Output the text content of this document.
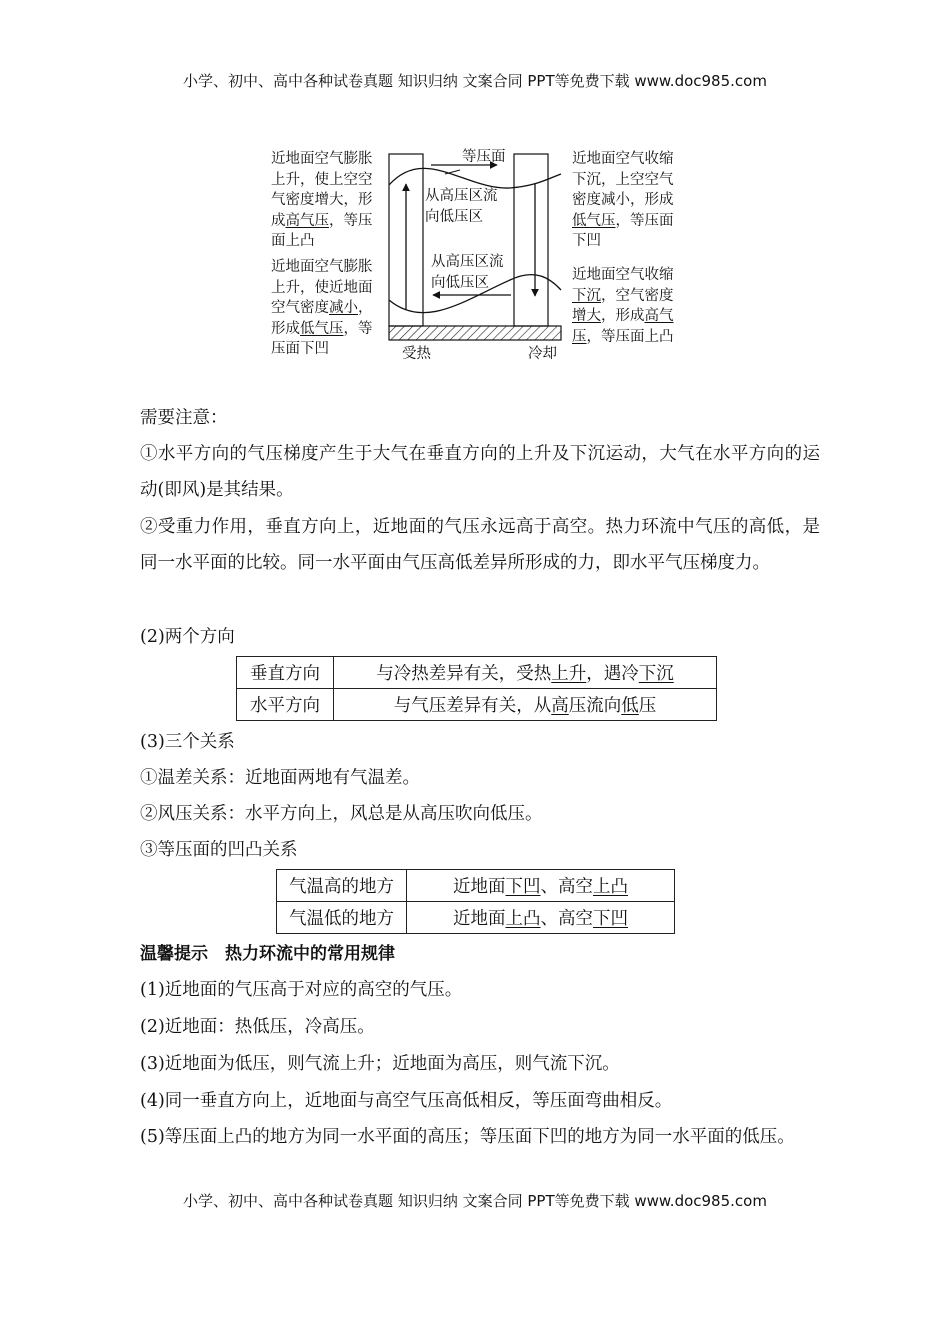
小学、初中、高中各种试卷真题 知识归纳 文案合同 PPT等免费下载 www.doc985.com
近地面空气膨胀
上升，使上空空
气密度增大，形
成高气压，等压
面上凸
近地面空气膨胀
上升，使近地面
空气密度减小，
形成低气压，等
压面下凹
近地面空气收缩
下沉，上空空气
密度减小，形成
低气压，等压面
下凹
近地面空气收缩
下沉，空气密度
增大，形成高气
压，等压面上凸
等压面
从高压区流
向低压区
从高压区流
向低压区
受热	冷却
需要注意：
①水平方向的气压梯度产生于大气在垂直方向的上升及下沉运动，大气在水平方向的运动(即风)是其结果。
②受重力作用，垂直方向上，近地面的气压永远高于高空。热力环流中气压的高低，是同一水平面的比较。同一水平面由气压高低差异所形成的力，即水平气压梯度力。
(2)两个方向
垂直方向	与冷热差异有关，受热上升，遇冷下沉
水平方向	与气压差异有关，从高压流向低压
(3)三个关系
①温差关系：近地面两地有气温差。
②风压关系：水平方向上，风总是从高压吹向低压。
③等压面的凹凸关系
气温高的地方	近地面下凹、高空上凸
气温低的地方	近地面上凸、高空下凹
温馨提示　热力环流中的常用规律
(1)近地面的气压高于对应的高空的气压。
(2)近地面：热低压，冷高压。
(3)近地面为低压，则气流上升；近地面为高压，则气流下沉。
(4)同一垂直方向上，近地面与高空气压高低相反，等压面弯曲相反。
(5)等压面上凸的地方为同一水平面的高压；等压面下凹的地方为同一水平面的低压。
小学、初中、高中各种试卷真题 知识归纳 文案合同 PPT等免费下载 www.doc985.com
